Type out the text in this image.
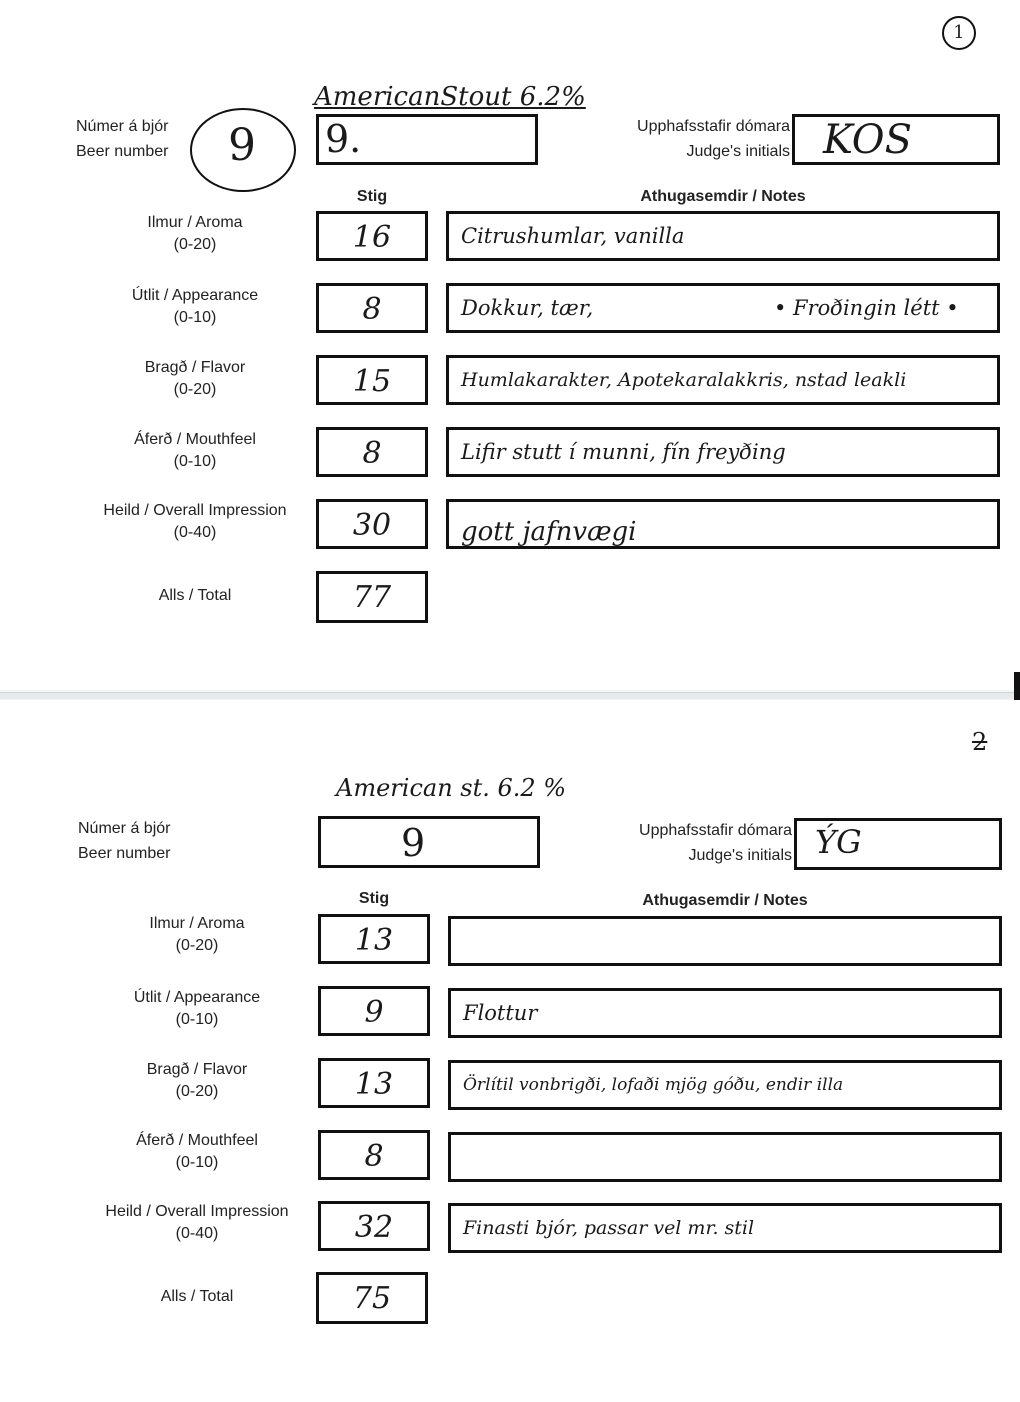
1
Númer á bjór
Beer number 9
AmericanStout 6.2%
9.	Upphafsstafir dómara
Judge's initials KOS
Stig	Athugasemdir / Notes
Ilmur / Aroma
(0-20)	16	Citrushumlar, vanilla
Útlit / Appearance
(0-10)	8	Dokkur, tær,	• Froðingin létt •
Bragð / Flavor
(0-20)	15	Humlakarakter, Apotekaralakkris, nstad leakli
Áferð / Mouthfeel
(0-10)	8	Lifir stutt í munni, fín freyðing
Heild / Overall Impression
(0-40)	30	gott jafnvægi
Alls / Total	77
2
American st. 6.2 %
Númer á bjór
Beer number	9	Upphafsstafir dómara
Judge's initials ÝG
Stig	Athugasemdir / Notes
Ilmur / Aroma
(0-20)	13
Útlit / Appearance
(0-10)	9	Flottur
Bragð / Flavor
(0-20)	13	Örlítil vonbrigði, lofaði mjög góðu, endir illa
Áferð / Mouthfeel
(0-10)	8
Heild / Overall Impression
(0-40)	32	Finasti bjór, passar vel mr. stil
Alls / Total	75
